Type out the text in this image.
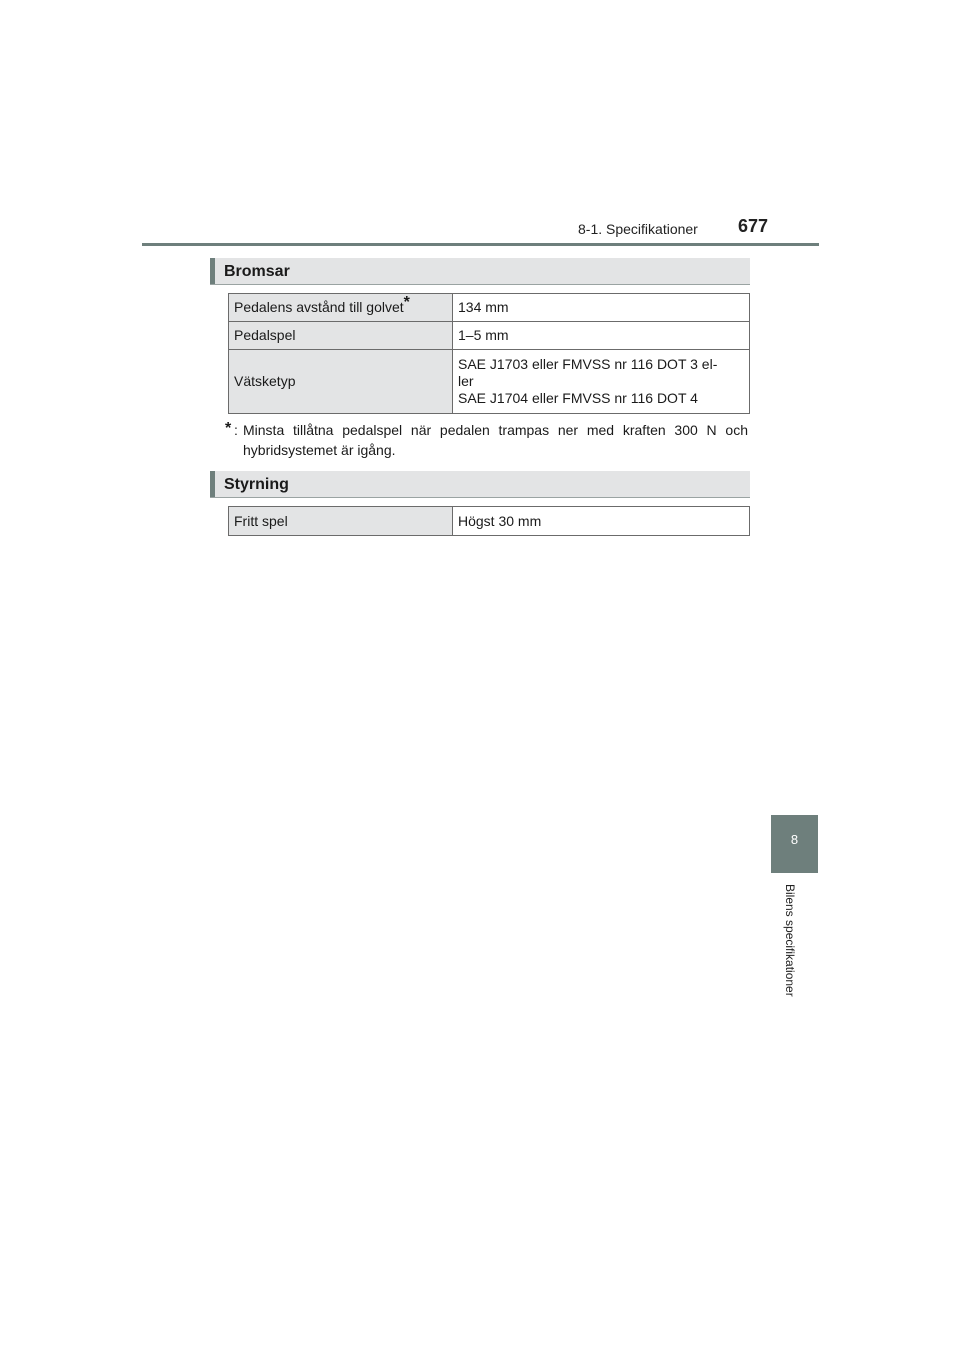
8-1. Specifikationer 677
Bromsar
Pedalens avstånd till golvet*	134 mm
Pedalspel	1–5 mm
Vätsketyp	SAE J1703 eller FMVSS nr 116 DOT 3 el-
ler
SAE J1704 eller FMVSS nr 116 DOT 4
* : Minsta tillåtna pedalspel när pedalen trampas ner med kraften 300 N och hybridsystemet är igång.
Styrning
Fritt spel	Högst 30 mm
8
Bilens specifikationer
